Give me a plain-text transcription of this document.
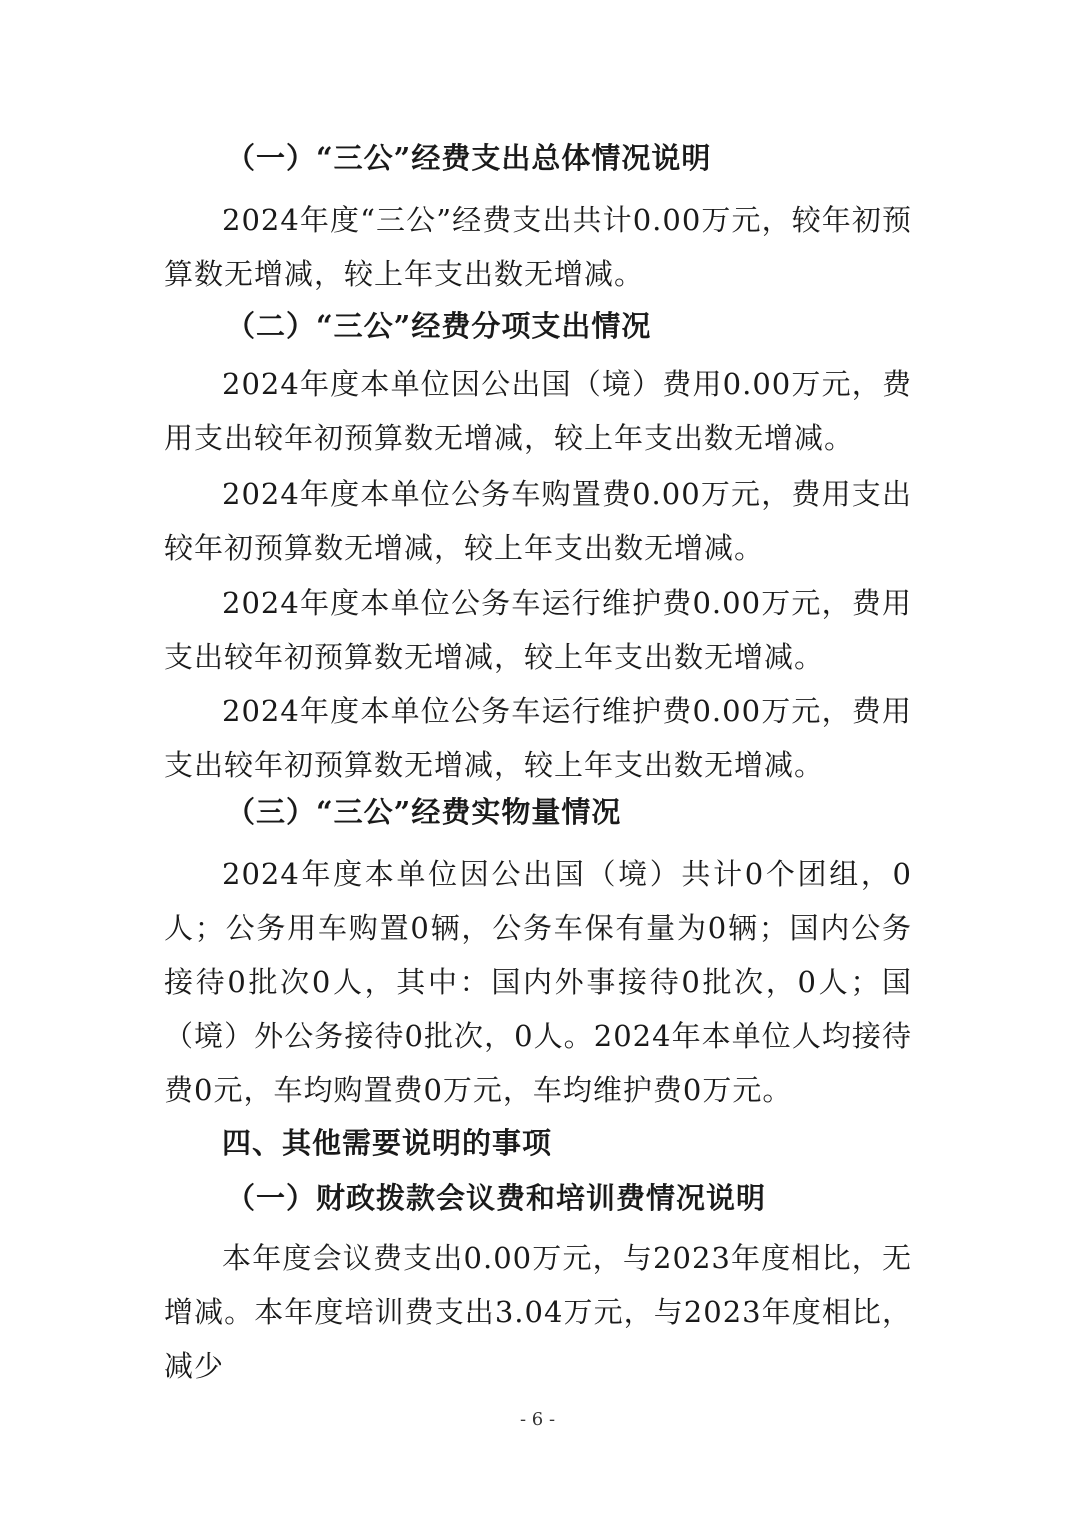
（一）“三公”经费支出总体情况说明

2024年度“三公”经费支出共计0.00万元，较年初预算数无增减，较上年支出数无增减。

（二）“三公”经费分项支出情况

2024年度本单位因公出国（境）费用0.00万元，费用支出较年初预算数无增减，较上年支出数无增减。

2024年度本单位公务车购置费0.00万元，费用支出较年初预算数无增减，较上年支出数无增减。

2024年度本单位公务车运行维护费0.00万元，费用支出较年初预算数无增减，较上年支出数无增减。

2024年度本单位公务车运行维护费0.00万元，费用支出较年初预算数无增减，较上年支出数无增减。

（三）“三公”经费实物量情况

2024年度本单位因公出国（境）共计0个团组，0人；公务用车购置0辆，公务车保有量为0辆；国内公务接待0批次0人，其中：国内外事接待0批次，0人；国（境）外公务接待0批次，0人。2024年本单位人均接待费0元，车均购置费0万元，车均维护费0万元。

四、其他需要说明的事项

（一）财政拨款会议费和培训费情况说明

本年度会议费支出0.00万元，与2023年度相比，无增减。本年度培训费支出3.04万元，与2023年度相比，减少

- 6 -
